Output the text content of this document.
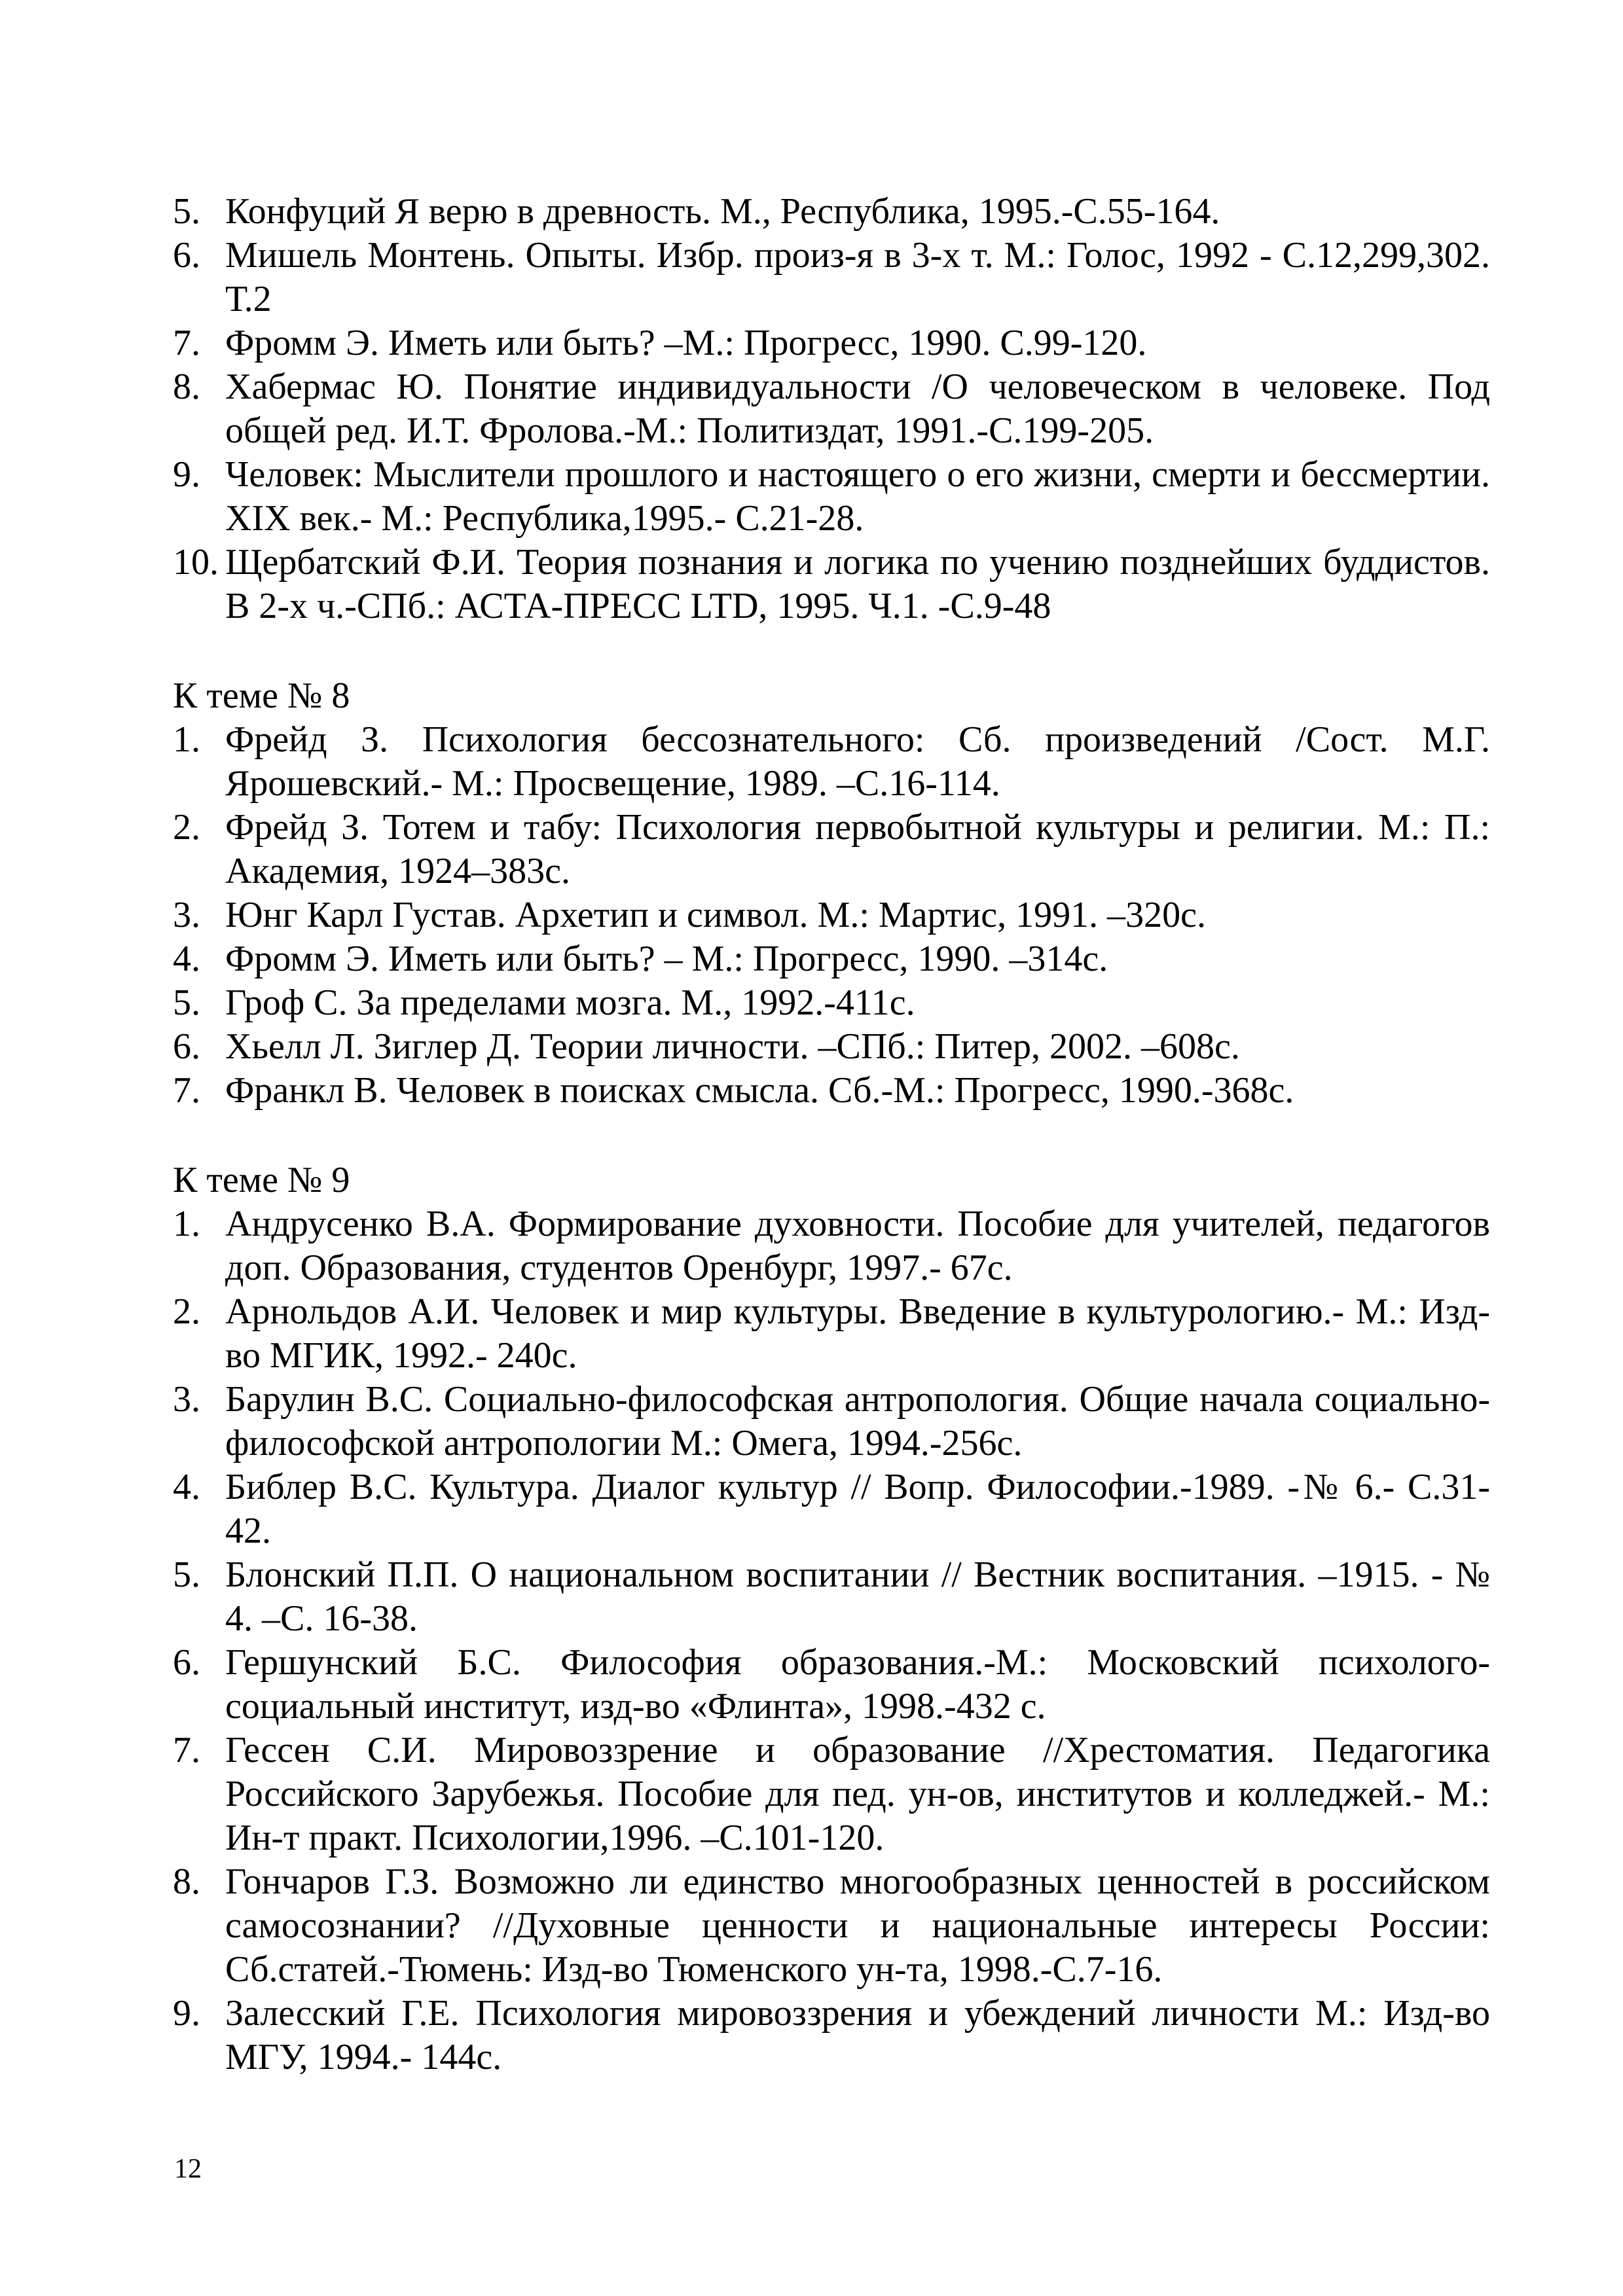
5. Конфуций Я верю в древность. М., Республика, 1995.-С.55-164.
6. Мишель Монтень. Опыты. Избр. произ-я в 3-х т. М.: Голос, 1992 - С.12,299,302. Т.2
7. Фромм Э. Иметь или быть? –М.: Прогресс, 1990. С.99-120.
8. Хабермас Ю. Понятие индивидуальности /О человеческом в человеке. Под общей ред. И.Т. Фролова.-М.: Политиздат, 1991.-С.199-205.
9. Человек: Мыслители прошлого и настоящего о его жизни, смерти и бессмертии. XIX век.- М.: Республика,1995.- С.21-28.
10. Щербатский Ф.И. Теория познания и логика по учению позднейших буддистов. В 2-х ч.-СПб.: АСТА-ПРЕСС LTD, 1995. Ч.1. -С.9-48

К теме № 8

1. Фрейд З. Психология бессознательного: Сб. произведений /Сост. М.Г. Ярошевский.- М.: Просвещение, 1989. –С.16-114.
2. Фрейд З. Тотем и табу: Психология первобытной культуры и религии. М.: П.: Академия, 1924–383с.
3. Юнг Карл Густав. Архетип и символ. М.: Мартис, 1991. –320с.
4. Фромм Э. Иметь или быть? – М.: Прогресс, 1990. –314с.
5. Гроф С. За пределами мозга. М., 1992.-411с.
6. Хьелл Л. Зиглер Д. Теории личности. –СПб.: Питер, 2002. –608с.
7. Франкл В. Человек в поисках смысла. Сб.-М.: Прогресс, 1990.-368с.

К теме № 9

1. Андрусенко В.А. Формирование духовности. Пособие для учителей, педагогов доп. Образования, студентов Оренбург, 1997.- 67с.
2. Арнольдов А.И. Человек и мир культуры. Введение в культурологию.- М.: Изд-во МГИК, 1992.- 240с.
3. Барулин В.С. Социально-философская антропология. Общие начала социально-философской антропологии М.: Омега, 1994.-256с.
4. Библер В.С. Культура. Диалог культур // Вопр. Философии.-1989. -№ 6.- С.31-42.
5. Блонский П.П. О национальном воспитании // Вестник воспитания. –1915. - № 4. –С. 16-38.
6. Гершунский Б.С. Философия образования.-М.: Московский психолого-социальный институт, изд-во «Флинта», 1998.-432 с.
7. Гессен С.И. Мировоззрение и образование //Хрестоматия. Педагогика Российского Зарубежья. Пособие для пед. ун-ов, институтов и колледжей.- М.: Ин-т практ. Психологии,1996. –С.101-120.
8. Гончаров Г.З. Возможно ли единство многообразных ценностей в российском самосознании? //Духовные ценности и национальные интересы России: Сб.статей.-Тюмень: Изд-во Тюменского ун-та, 1998.-С.7-16.
9. Залесский Г.Е. Психология мировоззрения и убеждений личности М.: Изд-во МГУ, 1994.- 144с.
12
